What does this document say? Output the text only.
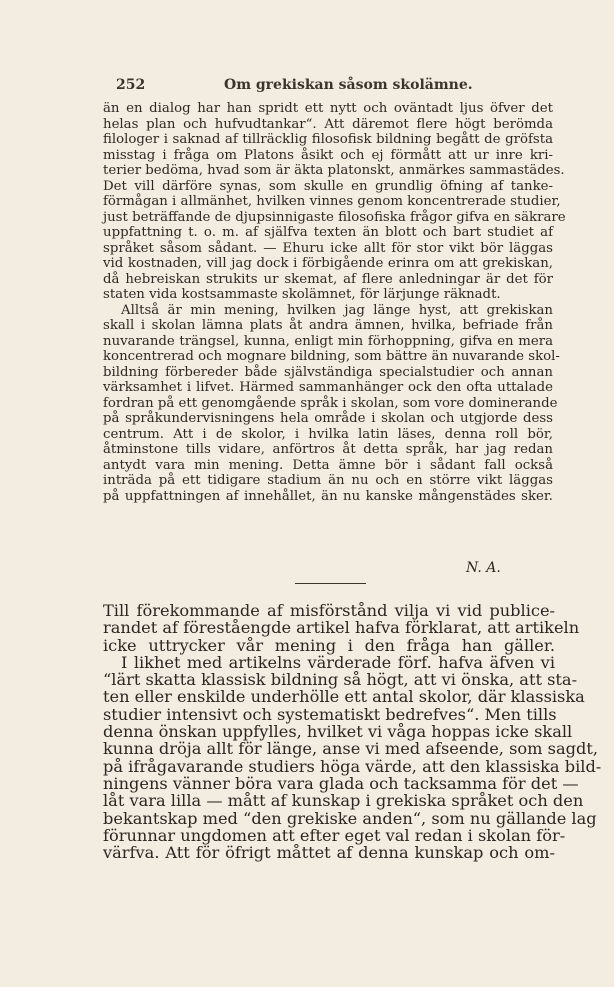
252	Om grekiskan såsom skolämne.
än en dialog har han spridt ett nytt och oväntadt ljus öfver det
helas plan och hufvudtankar“. Att däremot flere högt berömda
filologer i saknad af tillräcklig filosofisk bildning begått de gröfsta
misstag i fråga om Platons åsikt och ej förmått att ur inre kri-
terier bedöma, hvad som är äkta platonskt, anmärkes sammastädes.
Det vill därföre synas, som skulle en grundlig öfning af tanke-
förmågan i allmänhet, hvilken vinnes genom koncentrerade studier,
just beträffande de djupsinnigaste filosofiska frågor gifva en säkrare
uppfattning t. o. m. af själfva texten än blott och bart studiet af
språket såsom sådant. — Ehuru icke allt för stor vikt bör läggas
vid kostnaden, vill jag dock i förbigående erinra om att grekiskan,
då hebreiskan strukits ur skemat, af flere anledningar är det för
staten vida kostsammaste skolämnet, för lärjunge räknadt.
Alltså är min mening, hvilken jag länge hyst, att grekiskan
skall i skolan lämna plats åt andra ämnen, hvilka, befriade från
nuvarande trängsel, kunna, enligt min förhoppning, gifva en mera
koncentrerad och mognare bildning, som bättre än nuvarande skol-
bildning förbereder både självständiga specialstudier och annan
värksamhet i lifvet. Härmed sammanhänger ock den ofta uttalade
fordran på ett genomgående språk i skolan, som vore dominerande
på språkundervisningens hela område i skolan och utgjorde dess
centrum. Att i de skolor, i hvilka latin läses, denna roll bör,
åtminstone tills vidare, anförtros åt detta språk, har jag redan
antydt vara min mening. Detta ämne bör i sådant fall också
inträda på ett tidigare stadium än nu och en större vikt läggas
på uppfattningen af innehållet, än nu kanske mångenstädes sker.
N. A.
Till förekommande af misförstånd vilja vi vid publice-
randet af föreståengde artikel hafva förklarat, att artikeln
icke uttrycker vår mening i den fråga han gäller.
I likhet med artikelns värderade förf. hafva äfven vi
“lärt skatta klassisk bildning så högt, att vi önska, att sta-
ten eller enskilde underhölle ett antal skolor, där klassiska
studier intensivt och systematiskt bedrefves“. Men tills
denna önskan uppfylles, hvilket vi våga hoppas icke skall
kunna dröja allt för länge, anse vi med afseende, som sagdt,
på ifrågavarande studiers höga värde, att den klassiska bild-
ningens vänner böra vara glada och tacksamma för det —
låt vara lilla — mått af kunskap i grekiska språket och den
bekantskap med “den grekiske anden“, som nu gällande lag
förunnar ungdomen att efter eget val redan i skolan för-
värfva. Att för öfrigt måttet af denna kunskap och om-
